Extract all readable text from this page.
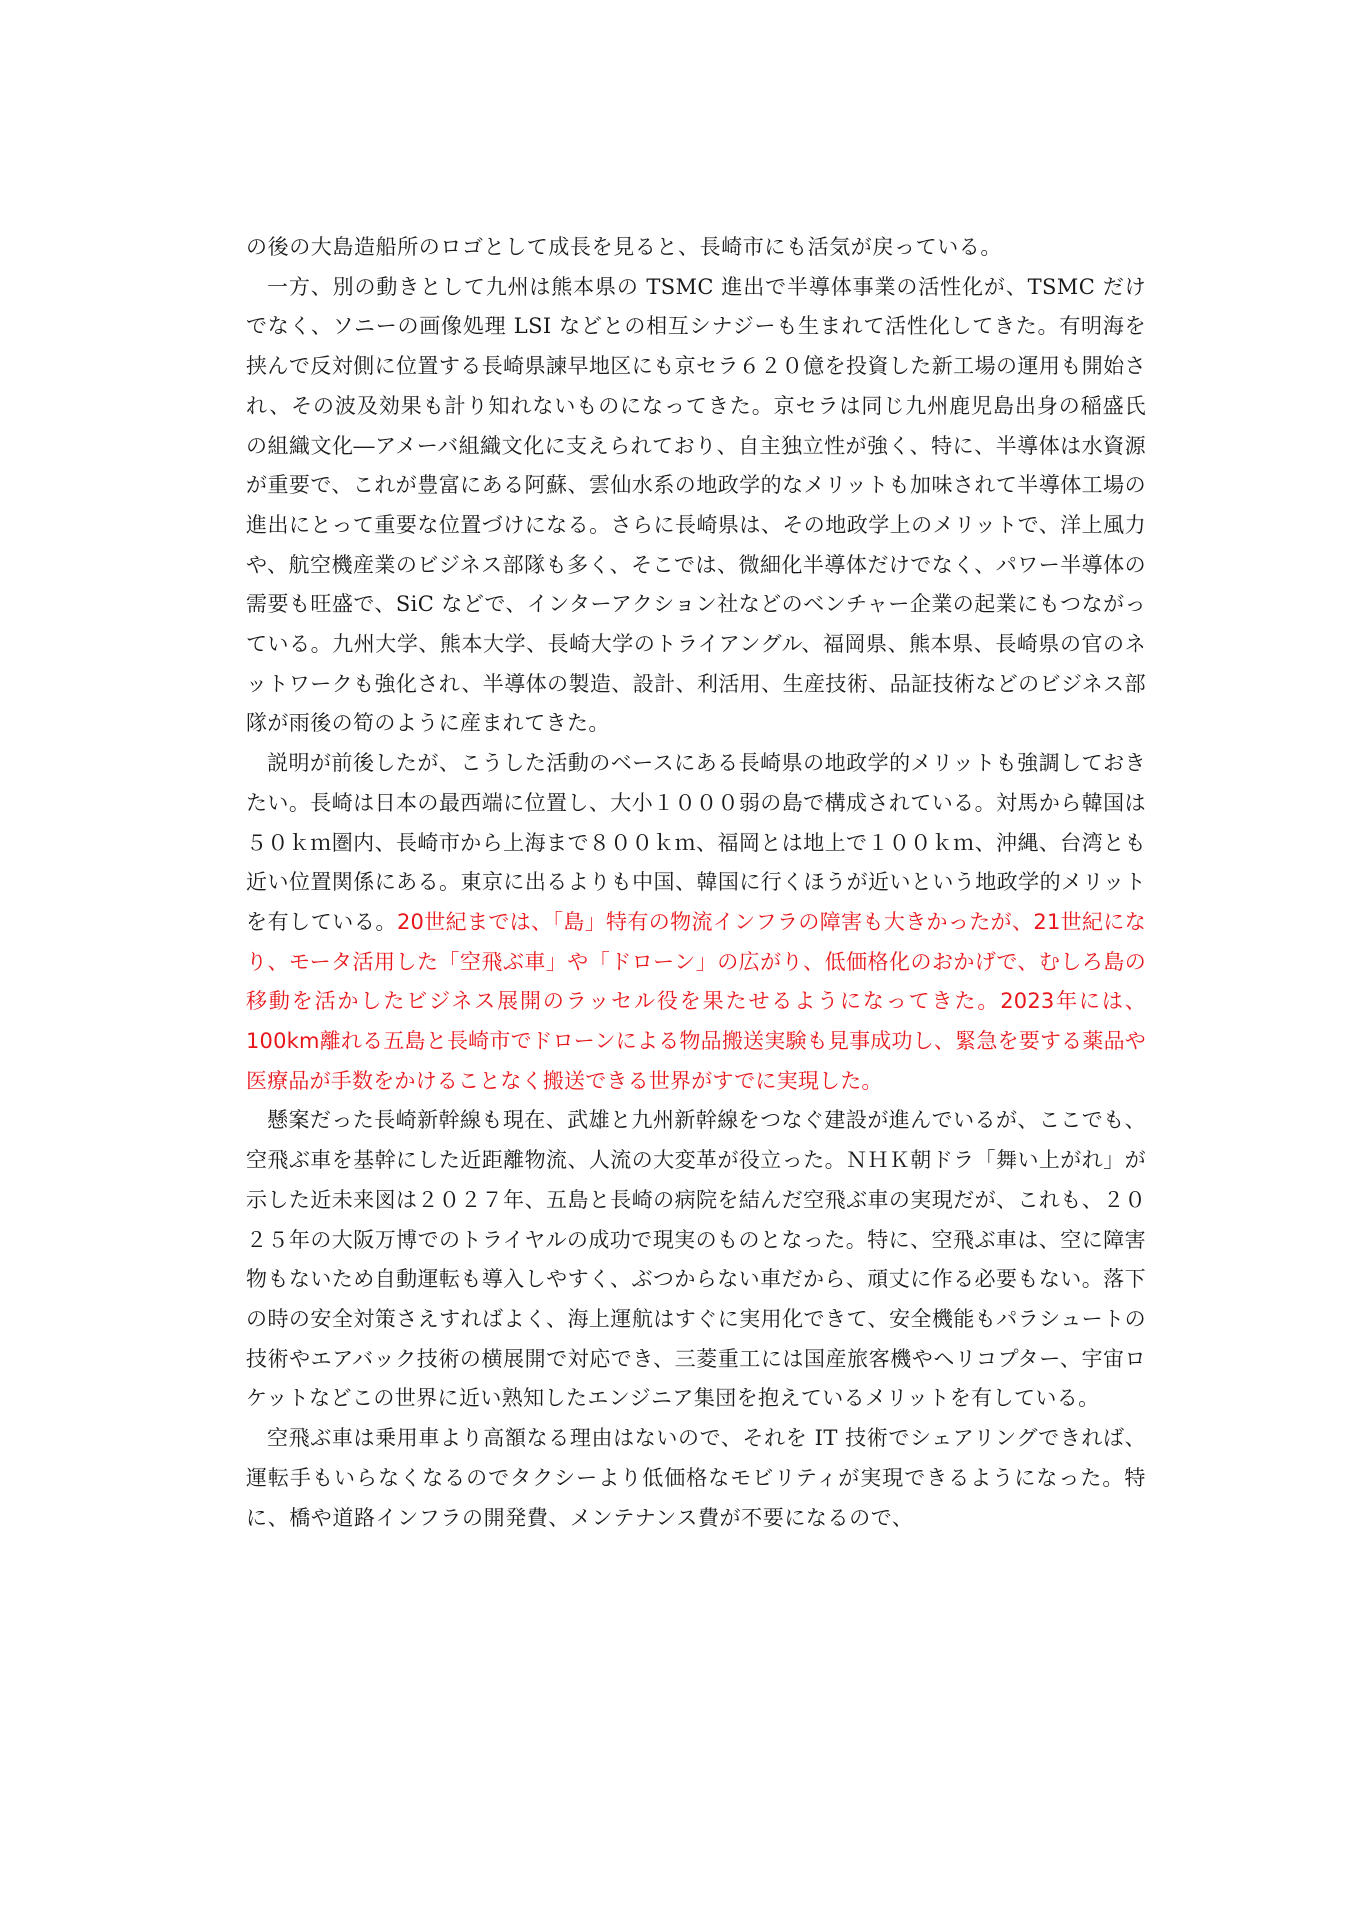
の後の大島造船所のロゴとして成長を見ると、長崎市にも活気が戻っている。

一方、別の動きとして九州は熊本県の TSMC 進出で半導体事業の活性化が、TSMC だけでなく、ソニーの画像処理 LSI などとの相互シナジーも生まれて活性化してきた。有明海を挟んで反対側に位置する長崎県諫早地区にも京セラ６２０億を投資した新工場の運用も開始され、その波及効果も計り知れないものになってきた。京セラは同じ九州鹿児島出身の稲盛氏の組織文化―アメーバ組織文化に支えられており、自主独立性が強く、特に、半導体は水資源が重要で、これが豊富にある阿蘇、雲仙水系の地政学的なメリットも加味されて半導体工場の進出にとって重要な位置づけになる。さらに長崎県は、その地政学上のメリットで、洋上風力や、航空機産業のビジネス部隊も多く、そこでは、微細化半導体だけでなく、パワー半導体の需要も旺盛で、SiC などで、インターアクション社などのベンチャー企業の起業にもつながっている。九州大学、熊本大学、長崎大学のトライアングル、福岡県、熊本県、長崎県の官のネットワークも強化され、半導体の製造、設計、利活用、生産技術、品証技術などのビジネス部隊が雨後の筍のように産まれてきた。

説明が前後したが、こうした活動のベースにある長崎県の地政学的メリットも強調しておきたい。長崎は日本の最西端に位置し、大小１０００弱の島で構成されている。対馬から韓国は５０ｋｍ圏内、長崎市から上海まで８００ｋｍ、福岡とは地上で１００ｋｍ、沖縄、台湾とも近い位置関係にある。東京に出るよりも中国、韓国に行くほうが近いという地政学的メリットを有している。20世紀までは、「島」特有の物流インフラの障害も大きかったが、21世紀になり、モータ活用した「空飛ぶ車」や「ドローン」の広がり、低価格化のおかげで、むしろ島の移動を活かしたビジネス展開のラッセル役を果たせるようになってきた。2023年には、100km離れる五島と長崎市でドローンによる物品搬送実験も見事成功し、緊急を要する薬品や医療品が手数をかけることなく搬送できる世界がすでに実現した。

懸案だった長崎新幹線も現在、武雄と九州新幹線をつなぐ建設が進んでいるが、ここでも、空飛ぶ車を基幹にした近距離物流、人流の大変革が役立った。ＮＨＫ朝ドラ「舞い上がれ」が示した近未来図は２０２７年、五島と長崎の病院を結んだ空飛ぶ車の実現だが、これも、２０２５年の大阪万博でのトライヤルの成功で現実のものとなった。特に、空飛ぶ車は、空に障害物もないため自動運転も導入しやすく、ぶつからない車だから、頑丈に作る必要もない。落下の時の安全対策さえすればよく、海上運航はすぐに実用化できて、安全機能もパラシュートの技術やエアバック技術の横展開で対応でき、三菱重工には国産旅客機やヘリコプター、宇宙ロケットなどこの世界に近い熟知したエンジニア集団を抱えているメリットを有している。

空飛ぶ車は乗用車より高額なる理由はないので、それを IT 技術でシェアリングできれば、運転手もいらなくなるのでタクシーより低価格なモビリティが実現できるようになった。特に、橋や道路インフラの開発費、メンテナンス費が不要になるので、
